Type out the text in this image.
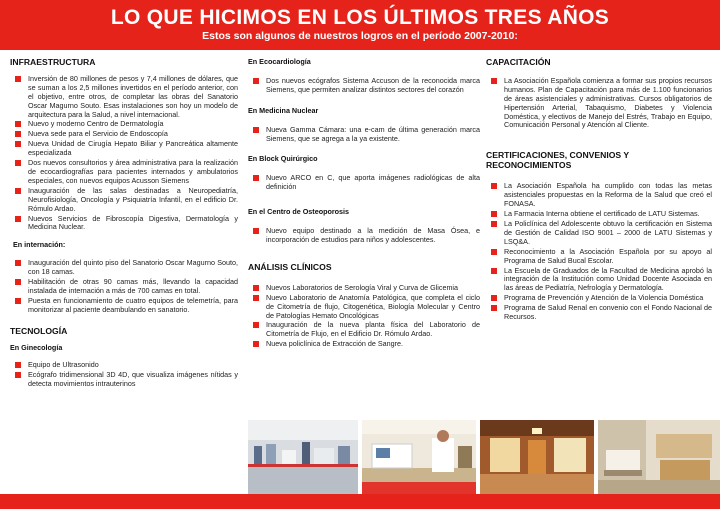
LO QUE HICIMOS EN LOS ÚLTIMOS TRES AÑOS
Estos son algunos de nuestros logros en el período 2007-2010:
INFRAESTRUCTURA
Inversión de 80 millones de pesos y 7,4 millones de dólares, que se suman a los 2,5 millones invertidos en el período anterior, con el objetivo, entre otros, de completar las obras del Sanatorio Oscar Magurno Souto. Esas instalaciones son hoy un modelo de arquitectura para la Salud, a nivel internacional.
Nuevo y moderno Centro de Dermatología
Nueva sede para el Servicio de Endoscopía
Nueva Unidad de Cirugía Hepato Biliar y Pancreática altamente especializada
Dos nuevos consultorios y área administrativa para la realización de ecocardiografías para pacientes internados y ambulatorios especiales, con nuevos equipos Acusson Siemens
Inauguración de las salas destinadas a Neuropediatría, Neurofisiología, Oncología y Psiquiatría Infantil, en el edificio Dr. Rómulo Ardao.
Nuevos Servicios de Fibroscopía Digestiva, Dermatología y Medicina Nuclear.
En internación:
Inauguración del quinto piso del Sanatorio Oscar Magurno Souto, con 18 camas.
Habilitación de otras 90 camas más, llevando la capacidad instalada de internación a más de 700 camas en total.
Puesta en funcionamiento de cuatro equipos de telemetría, para monitorizar al paciente deambulando en sanatorio.
TECNOLOGÍA
En Ginecología
Equipo de Ultrasonido
Ecógrafo tridimensional 3D 4D, que visualiza imágenes nítidas y detecta movimientos intrauterinos
En Ecocardiología
Dos nuevos ecógrafos Sistema Accuson de la reconocida marca Siemens, que permiten analizar distintos sectores del corazón
En Medicina Nuclear
Nueva Gamma Cámara: una e-cam de última generación marca Siemens, que se agrega a la ya existente.
En Block Quirúrgico
Nuevo ARCO en C, que aporta imágenes radiológicas de alta definición
En el Centro de Osteoporosis
Nuevo equipo destinado a la medición de Masa Ósea, e incorporación de estudios para niños y adolescentes.
ANÁLISIS CLÍNICOS
Nuevos Laboratorios de Serología Viral y Curva de Glicemia
Nuevo Laboratorio de Anatomía Patológica, que completa el ciclo de Citometría de flujo, Citogenética, Biología Molecular y Centro de Patologías Hemato Oncológicas
Inauguración de la nueva planta física del Laboratorio de Citometría de Flujo, en el Edificio Dr. Rómulo Ardao.
Nueva policlínica de Extracción de Sangre.
CAPACITACIÓN
La Asociación Española comienza a formar sus propios recursos humanos. Plan de Capacitación para más de 1.100 funcionarios de áreas asistenciales y administrativas. Cursos obligatorios de Hipertensión Arterial, Tabaquismo, Diabetes y Violencia Doméstica, y electivos de Manejo del Estrés, Trabajo en Equipo, Comunicación Personal y Atención al Cliente.
CERTIFICACIONES, CONVENIOS Y RECONOCIMIENTOS
La Asociación Española ha cumplido con todas las metas asistenciales propuestas en la Reforma de la Salud que creó el FONASA.
La Farmacia Interna obtiene el certificado de LATU Sistemas.
La Policlínica del Adolescente obtuvo la certificación en Sistema de Gestión de Calidad ISO 9001 – 2000 de LATU Sistemas y LSQ&A.
Reconocimiento a la Asociación Española por su apoyo al Programa de Salud Bucal Escolar.
La Escuela de Graduados de la Facultad de Medicina aprobó la integración de la Institución como Unidad Docente Asociada en las áreas de Pediatría, Nefrología y Dermatología.
Programa de Prevención y Atención de la Violencia Doméstica
Programa de Salud Renal en convenio con el Fondo Nacional de Recursos.
